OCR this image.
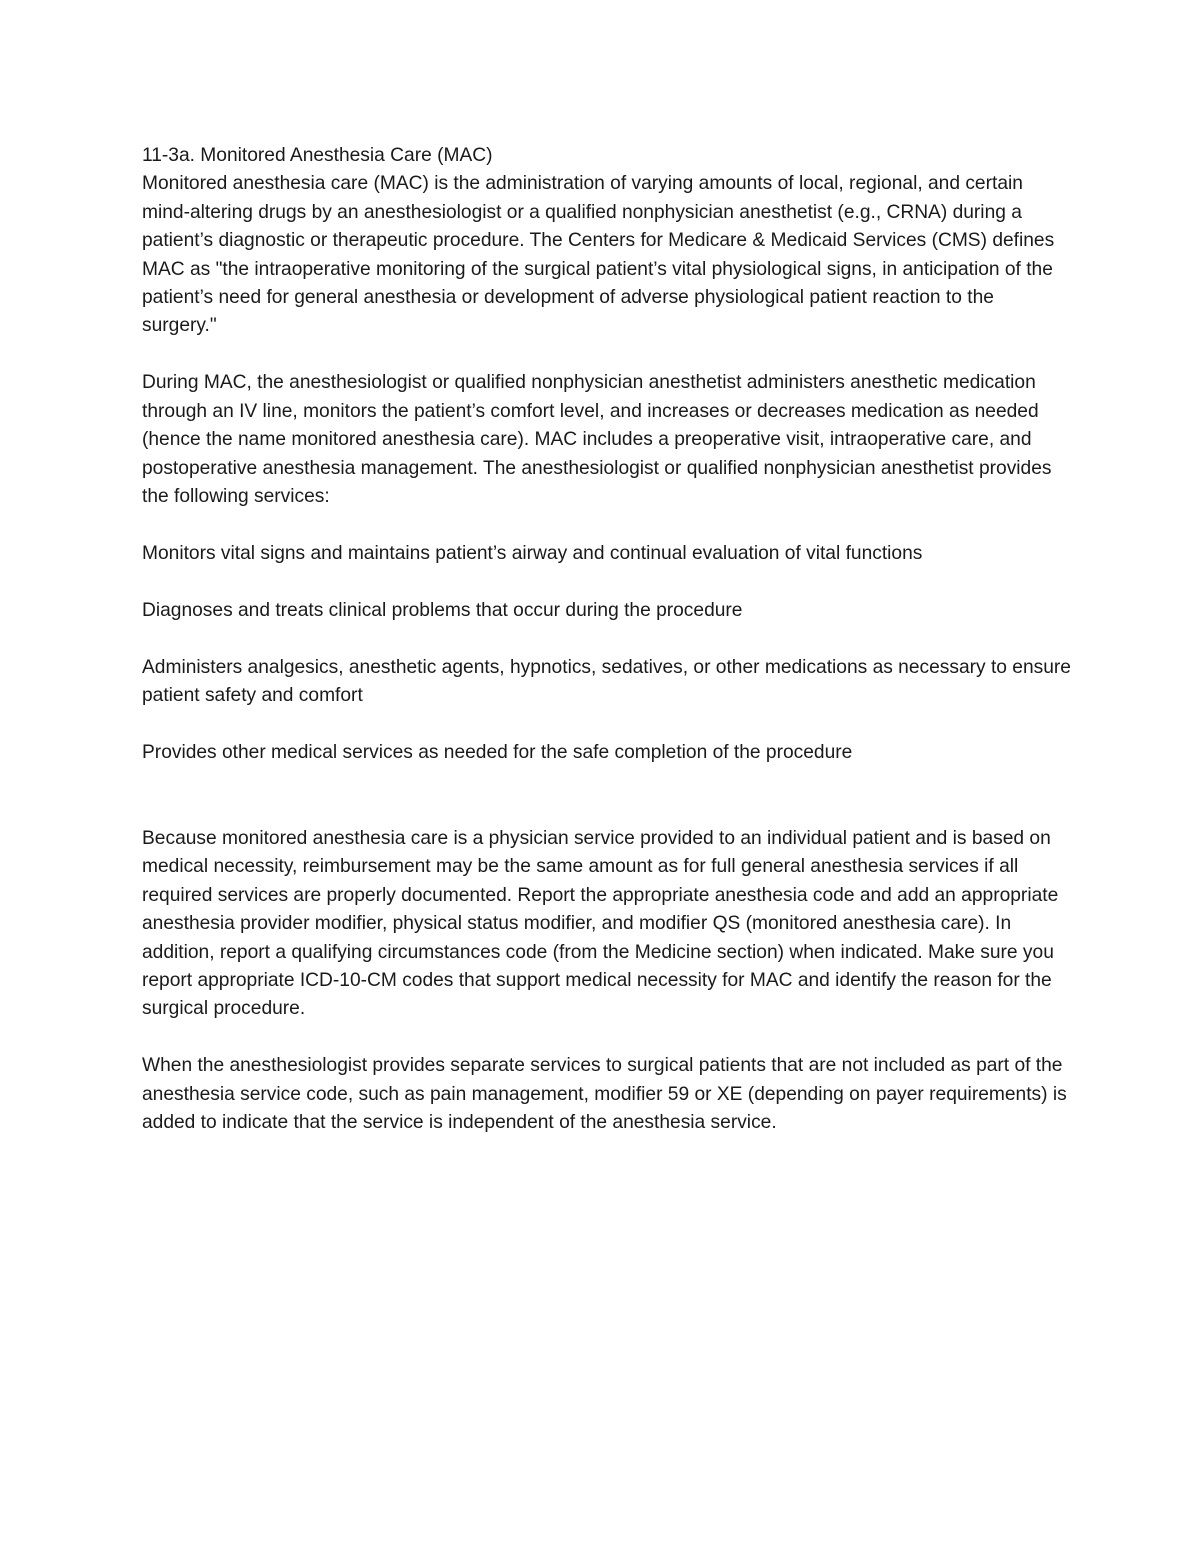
11-3a. Monitored Anesthesia Care (MAC)

Monitored anesthesia care (MAC) is the administration of varying amounts of local, regional, and certain mind-altering drugs by an anesthesiologist or a qualified nonphysician anesthetist (e.g., CRNA) during a patient’s diagnostic or therapeutic procedure. The Centers for Medicare & Medicaid Services (CMS) defines MAC as "the intraoperative monitoring of the surgical patient’s vital physiological signs, in anticipation of the patient’s need for general anesthesia or development of adverse physiological patient reaction to the surgery."

During MAC, the anesthesiologist or qualified nonphysician anesthetist administers anesthetic medication through an IV line, monitors the patient’s comfort level, and increases or decreases medication as needed (hence the name monitored anesthesia care). MAC includes a preoperative visit, intraoperative care, and postoperative anesthesia management. The anesthesiologist or qualified nonphysician anesthetist provides the following services:

Monitors vital signs and maintains patient’s airway and continual evaluation of vital functions

Diagnoses and treats clinical problems that occur during the procedure

Administers analgesics, anesthetic agents, hypnotics, sedatives, or other medications as necessary to ensure patient safety and comfort

Provides other medical services as needed for the safe completion of the procedure

Because monitored anesthesia care is a physician service provided to an individual patient and is based on medical necessity, reimbursement may be the same amount as for full general anesthesia services if all required services are properly documented. Report the appropriate anesthesia code and add an appropriate anesthesia provider modifier, physical status modifier, and modifier QS (monitored anesthesia care). In addition, report a qualifying circumstances code (from the Medicine section) when indicated. Make sure you report appropriate ICD-10-CM codes that support medical necessity for MAC and identify the reason for the surgical procedure.

When the anesthesiologist provides separate services to surgical patients that are not included as part of the anesthesia service code, such as pain management, modifier 59 or XE (depending on payer requirements) is added to indicate that the service is independent of the anesthesia service.
